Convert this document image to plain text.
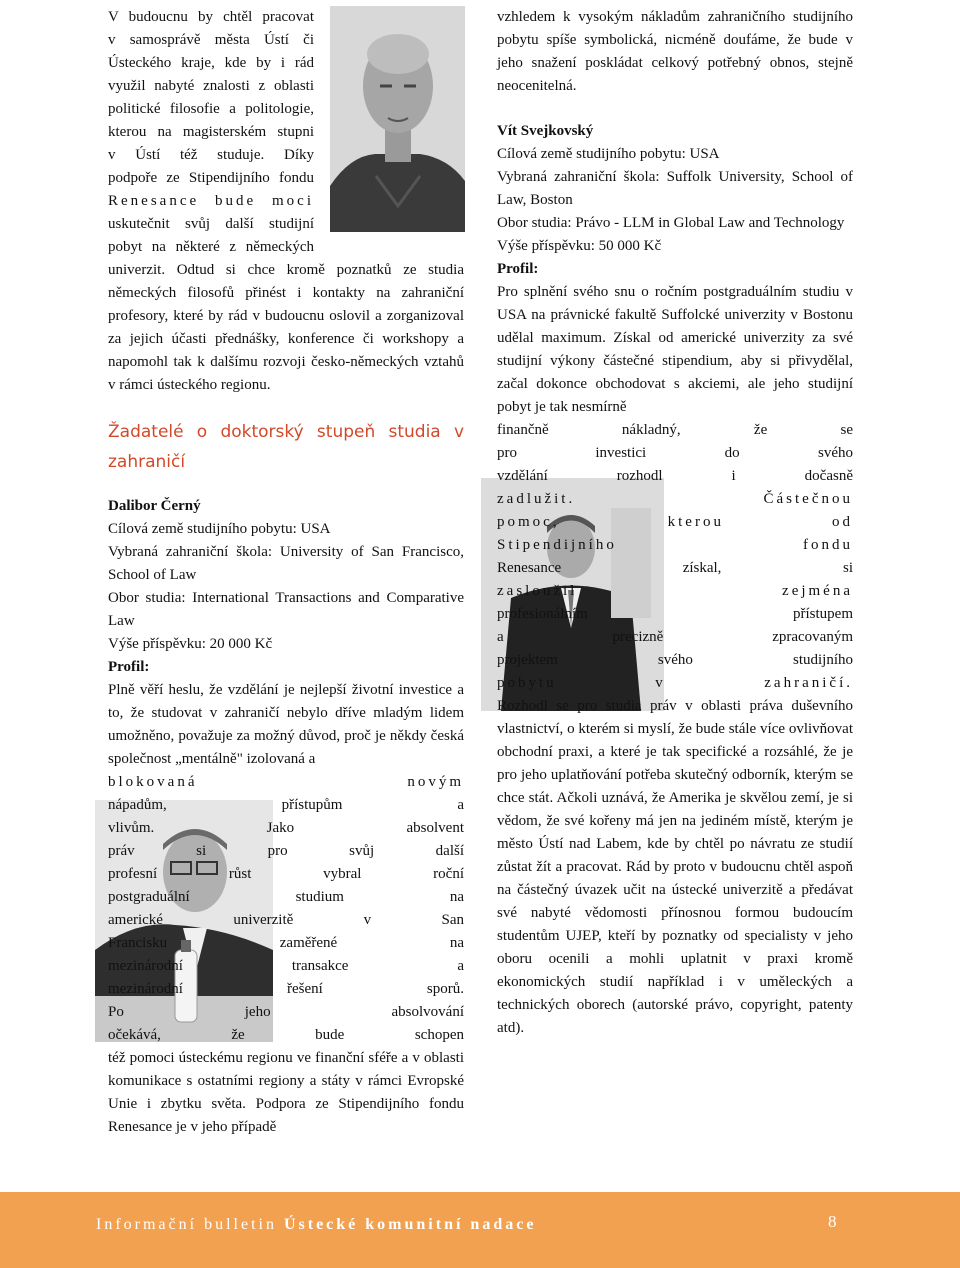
V budoucnu by chtěl pracovat

v samosprávě města Ústí či

Ústeckého kraje, kde by i rád

využil nabyté znalosti z oblasti

politické filosofie a politologie,

kterou na magisterském stupni

v Ústí též studuje. Díky

podpoře ze Stipendijního fondu

Renesance bude moci

uskutečnit svůj další studijní

pobyt na některé z německých

univerzit. Odtud si chce kromě poznatků ze studia německých filosofů přinést i kontakty na zahraniční profesory, které by rád v budoucnu oslovil a zorganizoval za jejich účasti přednášky, konference či workshopy a napomohl tak k dalšímu rozvoji česko-německých vztahů v rámci ústeckého regionu.

Žadatelé o doktorský stupeň studia v zahraničí

Dalibor Černý

Cílová země studijního pobytu: USA

Vybraná zahraniční škola: University of San Francisco, School of Law

Obor studia: International Transactions and Comparative Law

Výše příspěvku: 20 000 Kč

Profil:

Plně věří heslu, že vzdělání je nejlepší životní investice a to, že studovat v zahraničí nebylo dříve mladým lidem umožněno, považuje za možný důvod, proč je někdy česká společnost „mentálně" izolovaná a

blokovaná novým

nápadům, přístupům a

vlivům. Jako absolvent

práv si pro svůj další

profesní růst vybral roční

postgraduální studium na

americké univerzitě v San

Francisku zaměřené na

mezinárodní transakce a

mezinárodní řešení sporů.

Po jeho absolvování

očekává, že bude schopen

též pomoci ústeckému regionu ve finanční sféře a v oblasti komunikace s ostatními regiony a státy v rámci Evropské Unie i zbytku světa. Podpora ze Stipendijního fondu Renesance je v jeho případě

vzhledem k vysokým nákladům zahraničního studijního pobytu spíše symbolická, nicméně doufáme, že bude v jeho snažení poskládat celkový potřebný obnos, stejně neocenitelná.

Vít Svejkovský

Cílová země studijního pobytu: USA

Vybraná zahraniční škola: Suffolk University, School of Law, Boston

Obor studia: Právo - LLM in Global Law and Technology

Výše příspěvku: 50 000 Kč

Profil:

Pro splnění svého snu o ročním postgraduálním studiu v USA na právnické fakultě Suffolcké univerzity v Bostonu udělal maximum. Získal od americké univerzity za své studijní výkony částečné stipendium, aby si přivydělal, začal dokonce obchodovat s akciemi, ale jeho studijní pobyt je tak nesmírně

finančně nákladný, že se

pro investici do svého

vzdělání rozhodl i dočasně

zadlužit. Částečnou

pomoc, kterou od

Stipendijního fondu

Renesance získal, si

zasloužil zejména

profesionálním přístupem

a precizně zpracovaným

projektem svého studijního

pobytu v zahraničí.

Rozhodl se pro studia práv v oblasti práva duševního vlastnictví, o kterém si myslí, že bude stále více ovlivňovat obchodní praxi, a které je tak specifické a rozsáhlé, že je pro jeho uplatňování potřeba skutečný odborník, kterým se chce stát. Ačkoli uznává, že Amerika je skvělou zemí, je si vědom, že své kořeny má jen na jediném místě, kterým je město Ústí nad Labem, kde by chtěl po návratu ze studií zůstat žít a pracovat. Rád by proto v budoucnu chtěl aspoň na částečný úvazek učit na ústecké univerzitě a předávat své nabyté vědomosti přínosnou formou budoucím studentům UJEP, kteří by poznatky od specialisty v jeho oboru ocenili a mohli uplatnit v praxi kromě ekonomických studií například i v uměleckých a technických oborech (autorské právo, copyright, patenty atd).

Informační bulletin Ústecké komunitní nadace	8
